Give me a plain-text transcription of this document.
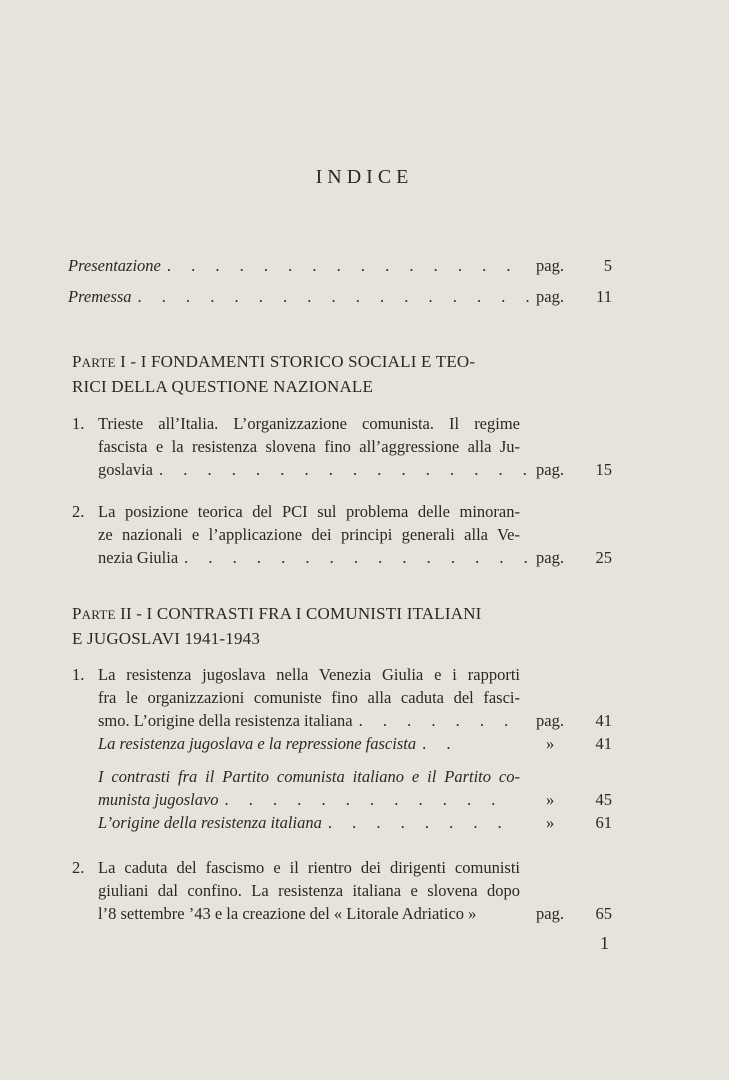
INDICE
Presentazione . . .	pag. 5
Premessa . . .	pag. 11
PARTE I - I FONDAMENTI STORICO SOCIALI E TEO-
RICI DELLA QUESTIONE NAZIONALE
1. Trieste all’Italia. L’organizzazione comunista. Il regime
fascista e la resistenza slovena fino all’aggressione alla Ju-
goslavia . . .	pag. 15
2. La posizione teorica del PCI sul problema delle minoran-
ze nazionali e l’applicazione dei principi generali alla Ve-
nezia Giulia . . .	pag. 25
PARTE II - I CONTRASTI FRA I COMUNISTI ITALIANI
E JUGOSLAVI 1941-1943
1. La resistenza jugoslava nella Venezia Giulia e i rapporti
fra le organizzazioni comuniste fino alla caduta del fasci-
smo. L’origine della resistenza italiana . . .	pag. 41
La resistenza jugoslava e la repressione fascista . . .	»	41
I contrasti fra il Partito comunista italiano e il Partito co-
munista jugoslavo . . .	»	45
L’origine della resistenza italiana . . .	»	61
2. La caduta del fascismo e il rientro dei dirigenti comunisti
giuliani dal confino. La resistenza italiana e slovena dopo
l’8 settembre ’43 e la creazione del « Litorale Adriatico »	pag. 65
1
